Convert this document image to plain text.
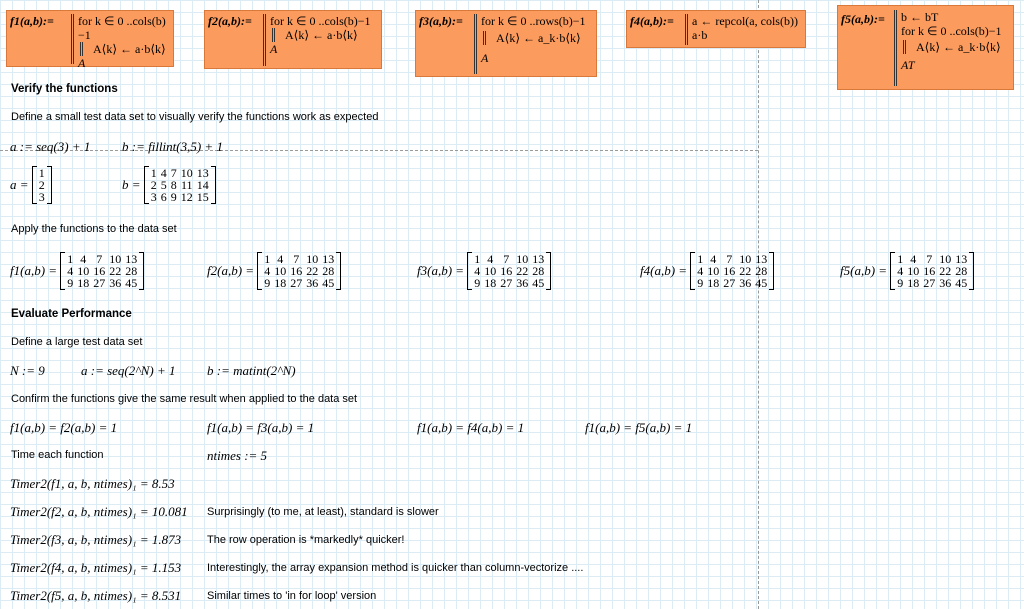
f1(a,b):= for k ∈ 0 ..cols(b)−1
A⟨k⟩ ← a·b⟨k⟩
A
f2(a,b):= for k ∈ 0 ..cols(b)−1
A⟨k⟩ ← a·b⟨k⟩
A
f3(a,b):= for k ∈ 0 ..rows(b)−1
A⟨k⟩ ← a_k·b⟨k⟩
A
f4(a,b):= a ← repcol(a, cols(b))
a·b
f5(a,b):= b ← bT
for k ∈ 0 ..cols(b)−1
A⟨k⟩ ← a_k·b⟨k⟩
AT
Verify the functions
Define a small test data set to visually verify the functions work as expected
a := seq(3) + 1 b := fillint(3,5) + 1
a =
1
2
3
b =
1	4	7	10	13
2	5	8	11	14
3	6	9	12	15
Apply the functions to the data set
f1(a,b) =
1	4	7	10	13
4	10	16	22	28
9	18	27	36	45
f2(a,b) =
1	4	7	10	13
4	10	16	22	28
9	18	27	36	45
f3(a,b) =
1	4	7	10	13
4	10	16	22	28
9	18	27	36	45
f4(a,b) =
1	4	7	10	13
4	10	16	22	28
9	18	27	36	45
f5(a,b) =
1	4	7	10	13
4	10	16	22	28
9	18	27	36	45
Evaluate Performance
Define a large test data set
N := 9	a := seq(2^N) + 1 b := matint(2^N)
Confirm the functions give the same result when applied to the data set
f1(a,b) = f2(a,b) = 1	f1(a,b) = f3(a,b) = 1	f1(a,b) = f4(a,b) = 1	f1(a,b) = f5(a,b) = 1
Time each function	ntimes := 5
Timer2(f1, a, b, ntimes)₁ = 8.53
Timer2(f2, a, b, ntimes)₁ = 10.081 Surprisingly (to me, at least), standard is slower
Timer2(f3, a, b, ntimes)₁ = 1.873 The row operation is *markedly* quicker!
Timer2(f4, a, b, ntimes)₁ = 1.153 Interestingly, the array expansion method is quicker than column-vectorize ....
Timer2(f5, a, b, ntimes)₁ = 8.531 Similar times to 'in for loop' version
